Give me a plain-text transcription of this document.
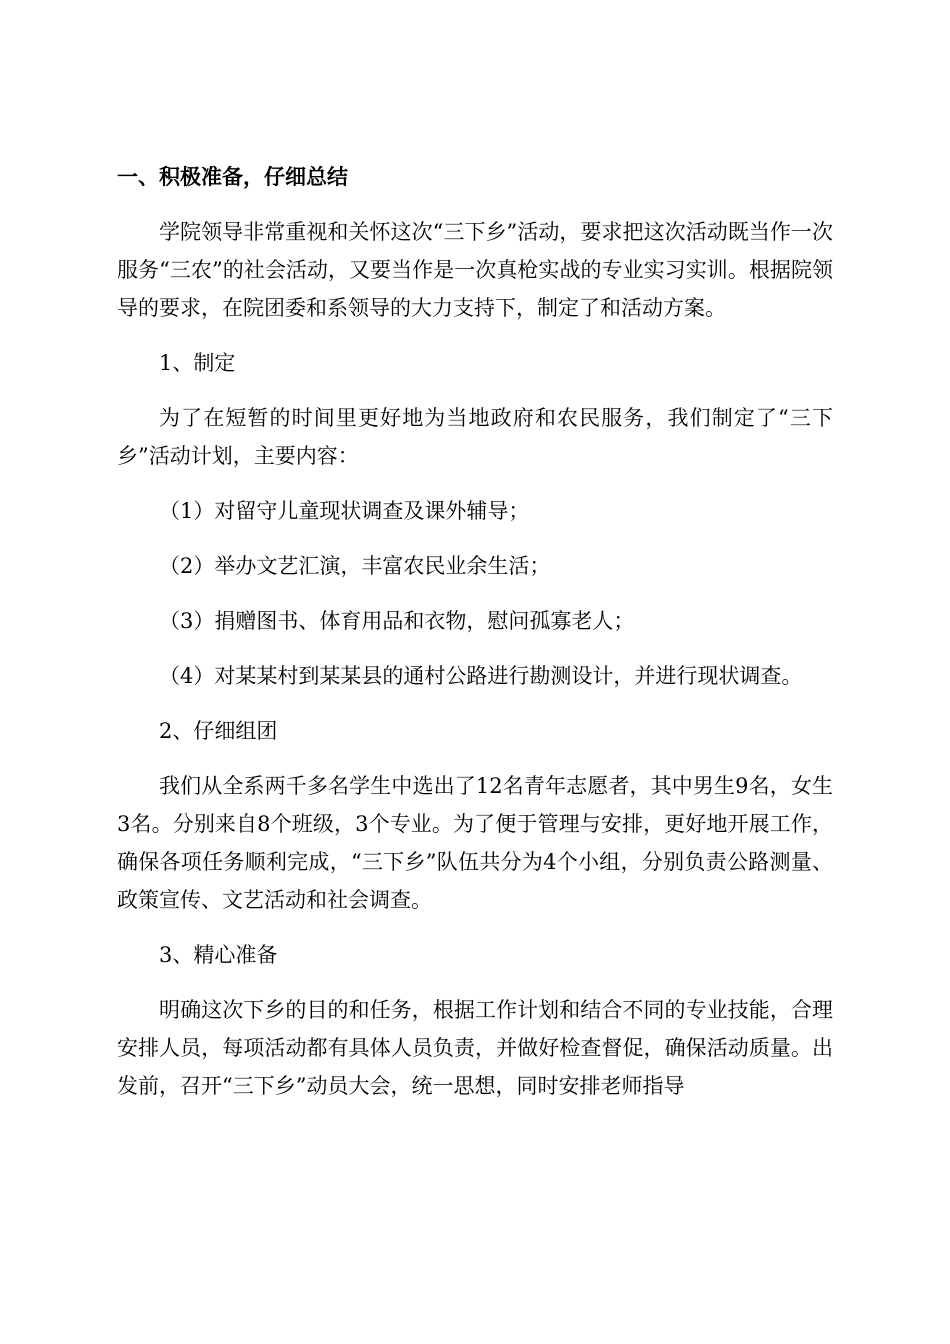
一、积极准备，仔细总结
学院领导非常重视和关怀这次“三下乡”活动，要求把这次活动既当作一次服务“三农”的社会活动，又要当作是一次真枪实战的专业实习实训。根据院领导的要求，在院团委和系领导的大力支持下，制定了和活动方案。
1、制定
为了在短暂的时间里更好地为当地政府和农民服务，我们制定了“三下乡”活动计划，主要内容：
（1）对留守儿童现状调查及课外辅导；
（2）举办文艺汇演，丰富农民业余生活；
（3）捐赠图书、体育用品和衣物，慰问孤寡老人；
（4）对某某村到某某县的通村公路进行勘测设计，并进行现状调查。
2、仔细组团
我们从全系两千多名学生中选出了12名青年志愿者，其中男生9名，女生3名。分别来自8个班级，3个专业。为了便于管理与安排，更好地开展工作，确保各项任务顺利完成，“三下乡”队伍共分为4个小组，分别负责公路测量、政策宣传、文艺活动和社会调查。
3、精心准备
明确这次下乡的目的和任务，根据工作计划和结合不同的专业技能，合理安排人员，每项活动都有具体人员负责，并做好检查督促，确保活动质量。出发前，召开“三下乡”动员大会，统一思想，同时安排老师指导
